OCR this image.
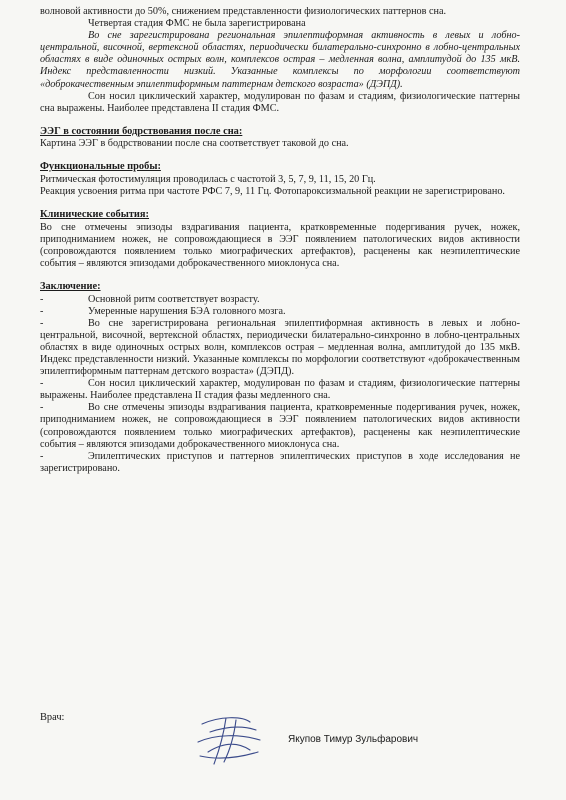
волновой активности до 50%, снижением представленности физиологических паттернов сна.

Четвертая стадия ФМС не была зарегистрирована

Во сне зарегистрирована региональная эпилептиформная активность в левых и лобно-центральной, височной, вертексной областях, периодически билатерально-синхронно в лобно-центральных областях в виде одиночных острых волн, комплексов острая – медленная волна, амплитудой до 135 мкВ. Индекс представленности низкий. Указанные комплексы по морфологии соответствуют «доброкачественным эпилептиформным паттернам детского возраста» (ДЭПД).

Сон носил циклический характер, модулирован по фазам и стадиям, физиологические паттерны сна выражены. Наиболее представлена II стадия ФМС.

ЭЭГ в состоянии бодрствования после сна:

Картина ЭЭГ в бодрствовании после сна соответствует таковой до сна.

Функциональные пробы:

Ритмическая фотостимуляция проводилась с частотой 3, 5, 7, 9, 11, 15, 20 Гц.

Реакция усвоения ритма при частоте РФС 7, 9, 11 Гц. Фотопароксизмальной реакции не зарегистрировано.

Клинические события:

Во сне отмечены эпизоды вздрагивания пациента, кратковременные подергивания ручек, ножек, приподниманием ножек, не сопровождающиеся в ЭЭГ появлением патологических видов активности (сопровождаются появлением только миографических артефактов), расценены как неэпилептические события – являются эпизодами доброкачественного миоклонуса сна.

Заключение:
-	Основной ритм соответствует возрасту.
-	Умеренные нарушения БЭА головного мозга.

-	Во сне зарегистрирована региональная эпилептиформная активность в левых и лобно-центральной, височной, вертексной областях, периодически билатерально-синхронно в лобно-центральных областях в виде одиночных острых волн, комплексов острая – медленная волна, амплитудой до 135 мкВ. Индекс представленности низкий. Указанные комплексы по морфологии соответствуют «доброкачественным эпилептиформным паттернам детского возраста» (ДЭПД).

-	Сон носил циклический характер, модулирован по фазам и стадиям, физиологические паттерны выражены. Наиболее представлена II стадия фазы медленного сна.

-	Во сне отмечены эпизоды вздрагивания пациента, кратковременные подергивания ручек, ножек, приподниманием ножек, не сопровождающиеся в ЭЭГ появлением патологических видов активности (сопровождаются появлением только миографических артефактов), расценены как неэпилептические события – являются эпизодами доброкачественного миоклонуса сна.

-	Эпилептических приступов и паттернов эпилептических приступов в ходе исследования не зарегистрировано.

Врач:
Якупов Тимур Зульфарович
